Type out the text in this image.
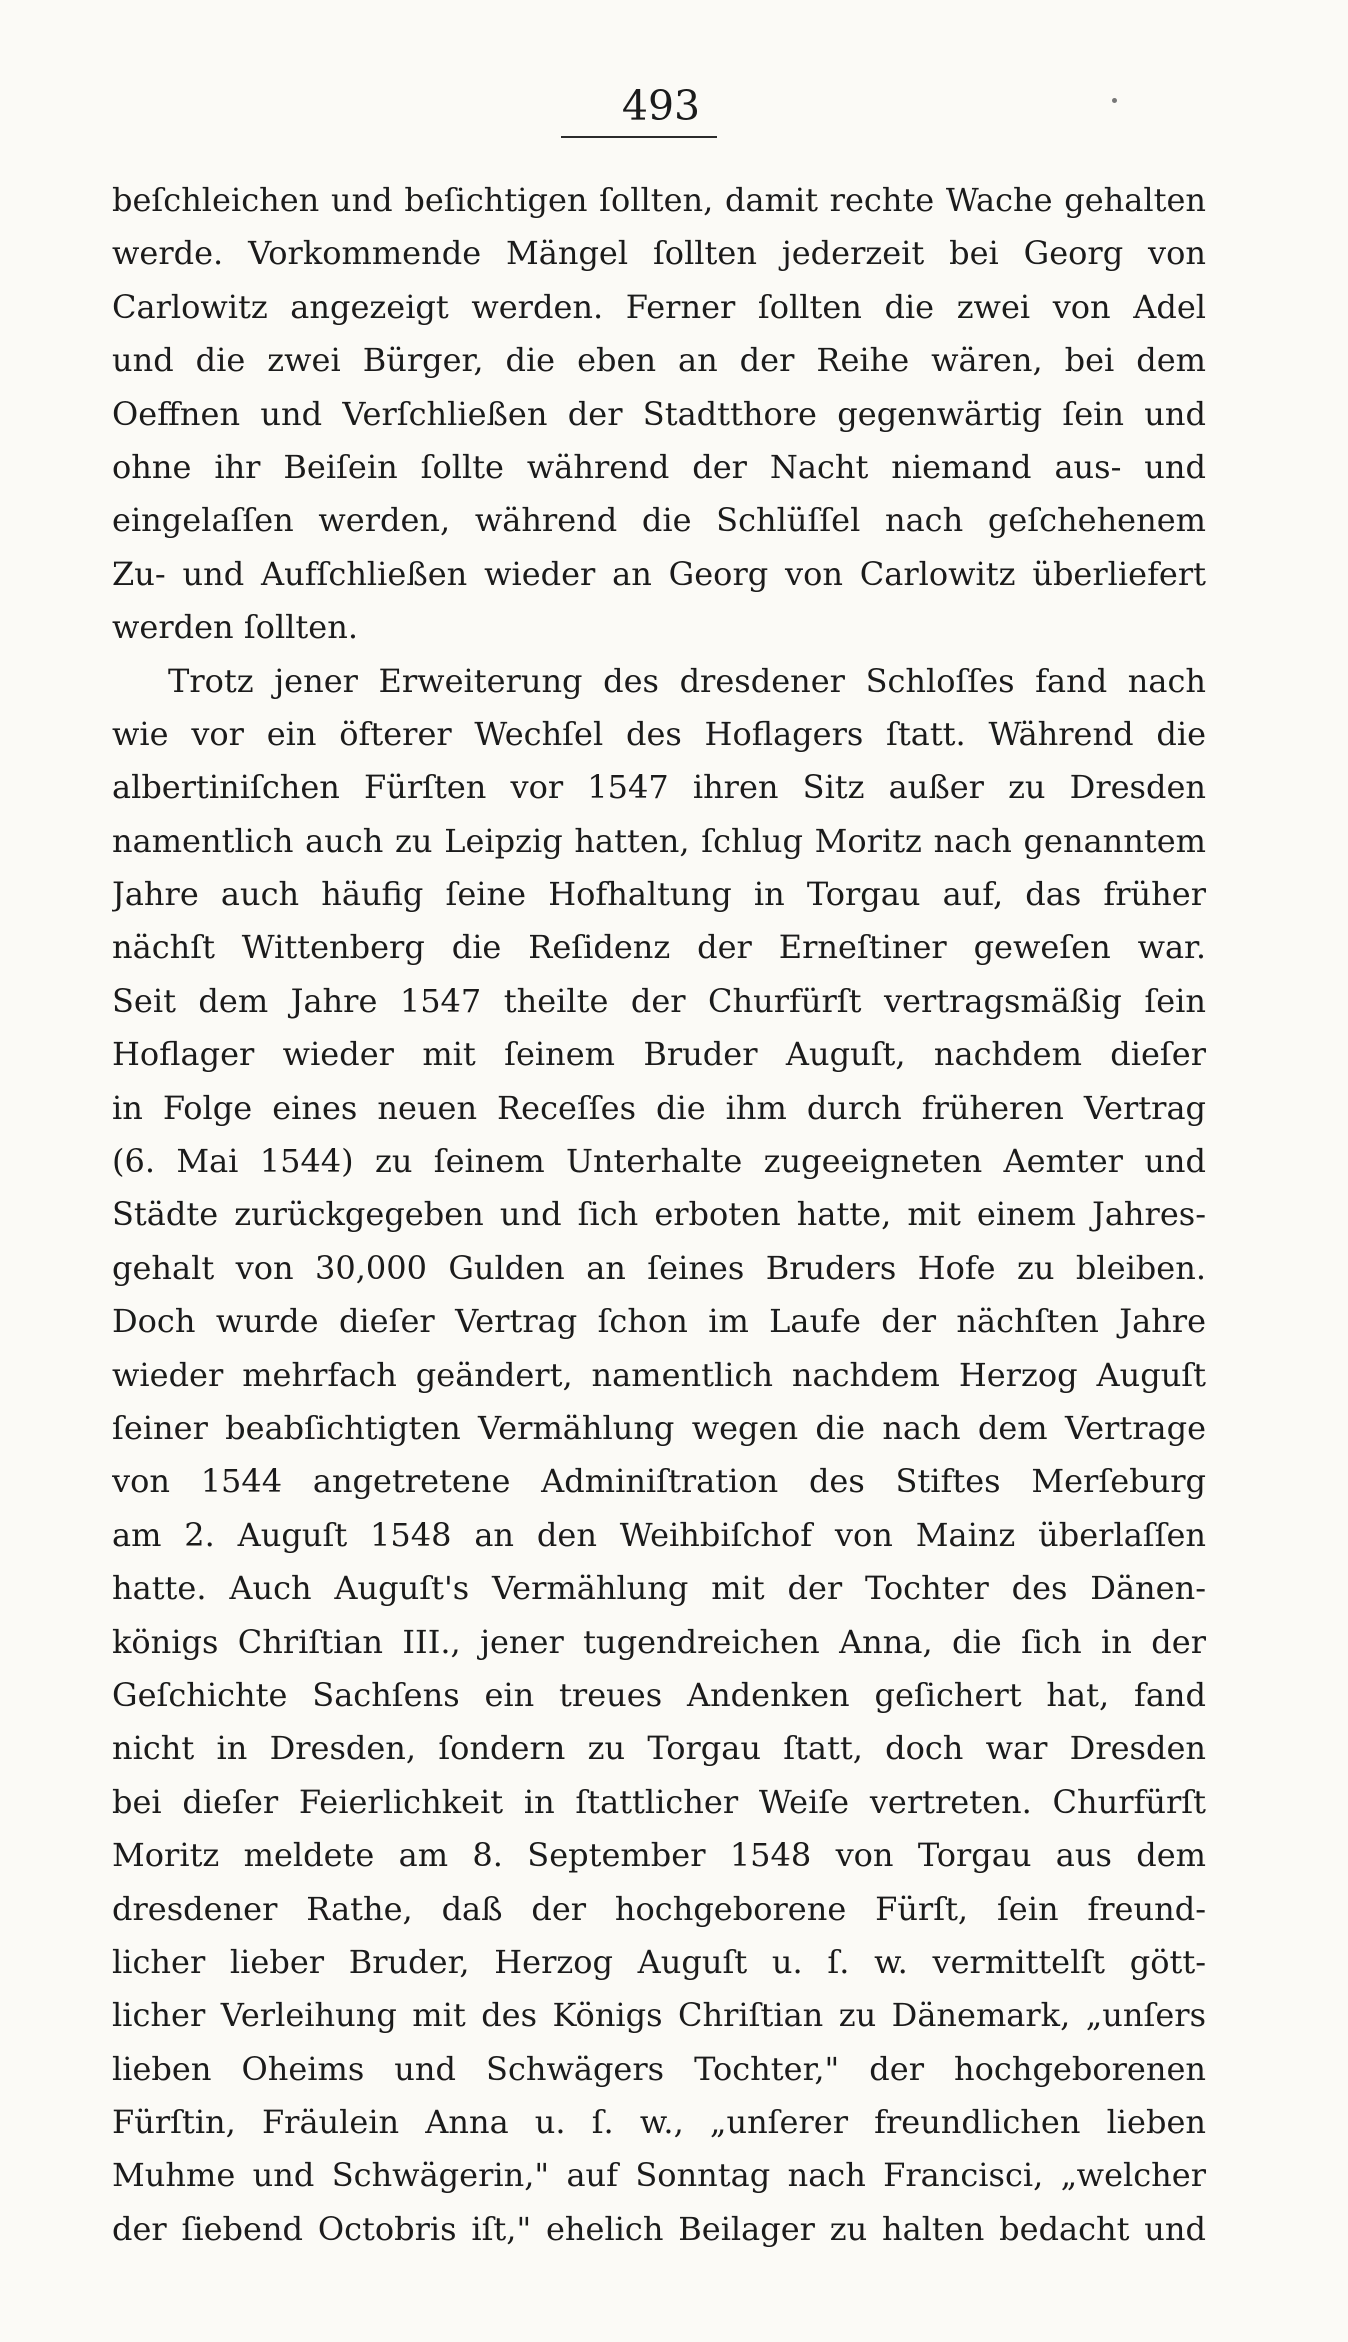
493
beſchleichen und beſichtigen ſollten, damit rechte Wache gehalten
werde. Vorkommende Mängel ſollten jederzeit bei Georg von
Carlowitz angezeigt werden. Ferner ſollten die zwei von Adel
und die zwei Bürger, die eben an der Reihe wären, bei dem
Oeffnen und Verſchließen der Stadtthore gegenwärtig ſein und
ohne ihr Beiſein ſollte während der Nacht niemand aus- und
eingelaſſen werden, während die Schlüſſel nach geſchehenem
Zu- und Aufſchließen wieder an Georg von Carlowitz überliefert
werden ſollten.
Trotz jener Erweiterung des dresdener Schloſſes fand nach
wie vor ein öfterer Wechſel des Hoflagers ſtatt. Während die
albertiniſchen Fürſten vor 1547 ihren Sitz außer zu Dresden
namentlich auch zu Leipzig hatten, ſchlug Moritz nach genanntem
Jahre auch häufig ſeine Hofhaltung in Torgau auf, das früher
nächſt Wittenberg die Reſidenz der Erneſtiner geweſen war.
Seit dem Jahre 1547 theilte der Churfürſt vertragsmäßig ſein
Hoflager wieder mit ſeinem Bruder Auguſt, nachdem dieſer
in Folge eines neuen Receſſes die ihm durch früheren Vertrag
(6. Mai 1544) zu ſeinem Unterhalte zugeeigneten Aemter und
Städte zurückgegeben und ſich erboten hatte, mit einem Jahres-
gehalt von 30,000 Gulden an ſeines Bruders Hofe zu bleiben.
Doch wurde dieſer Vertrag ſchon im Laufe der nächſten Jahre
wieder mehrfach geändert, namentlich nachdem Herzog Auguſt
ſeiner beabſichtigten Vermählung wegen die nach dem Vertrage
von 1544 angetretene Adminiſtration des Stiftes Merſeburg
am 2. Auguſt 1548 an den Weihbiſchof von Mainz überlaſſen
hatte. Auch Auguſt's Vermählung mit der Tochter des Dänen-
königs Chriſtian III., jener tugendreichen Anna, die ſich in der
Geſchichte Sachſens ein treues Andenken geſichert hat, fand
nicht in Dresden, ſondern zu Torgau ſtatt, doch war Dresden
bei dieſer Feierlichkeit in ſtattlicher Weiſe vertreten. Churfürſt
Moritz meldete am 8. September 1548 von Torgau aus dem
dresdener Rathe, daß der hochgeborene Fürſt, ſein freund-
licher lieber Bruder, Herzog Auguſt u. ſ. w. vermittelſt gött-
licher Verleihung mit des Königs Chriſtian zu Dänemark, „unſers
lieben Oheims und Schwägers Tochter," der hochgeborenen
Fürſtin, Fräulein Anna u. ſ. w., „unſerer freundlichen lieben
Muhme und Schwägerin," auf Sonntag nach Francisci, „welcher
der ſiebend Octobris iſt," ehelich Beilager zu halten bedacht und
